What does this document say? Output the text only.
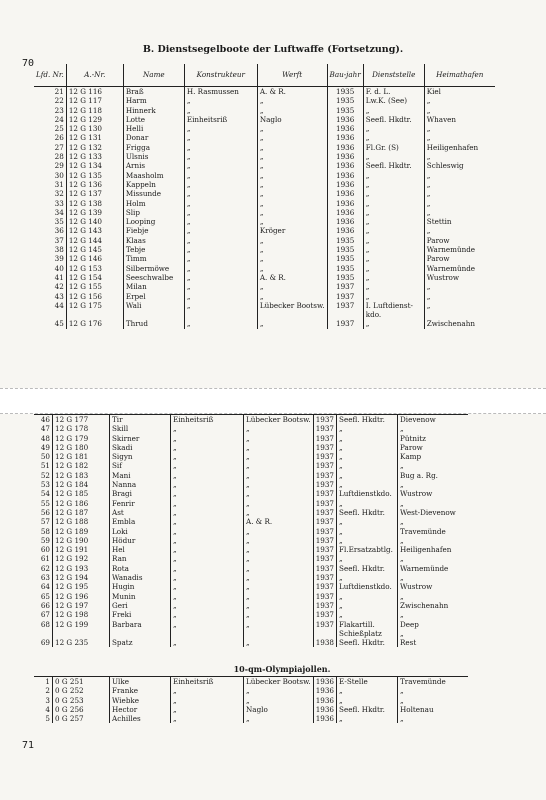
B. Dienstsegelboote der Luftwaffe (Fortsetzung).
70
71
Lfd. Nr.	A.-Nr.	Name	Konstrukteur	Werft	Bau-jahr	Dienststelle	Heimathafen
21	12 G 116	Braß	H. Rasmussen	A. & R.	1935	F. d. L.	Kiel
22	12 G 117	Harm	„	„	1935	Lw.K. (See)	„
23	12 G 118	Hinnerk	„	„	1935	„	„
24	12 G 129	Lotte	Einheitsriß	Naglo	1936	Seefl. Hkdtr.	Whaven
25	12 G 130	Helli	„	„	1936	„	„
26	12 G 131	Donar	„	„	1936	„	„
27	12 G 132	Frigga	„	„	1936	Fl.Gr. (S)	Heiligenhafen
28	12 G 133	Ulsnis	„	„	1936	„	„
29	12 G 134	Arnis	„	„	1936	Seefl. Hkdtr.	Schleswig
30	12 G 135	Maasholm	„	„	1936	„	„
31	12 G 136	Kappeln	„	„	1936	„	„
32	12 G 137	Missunde	„	„	1936	„	„
33	12 G 138	Holm	„	„	1936	„	„
34	12 G 139	Slip	„	„	1936	„	„
35	12 G 140	Looping	„	„	1936	„	Stettin
36	12 G 143	Fiebje	„	Kröger	1936	„	„
37	12 G 144	Klaas	„	„	1935	„	Parow
38	12 G 145	Tebje	„	„	1935	„	Warnemünde
39	12 G 146	Timm	„	„	1935	„	Parow
40	12 G 153	Silbermöwe	„	„	1935	„	Warnemünde
41	12 G 154	Seeschwalbe	„	A. & R.	1935	„	Wustrow
42	12 G 155	Milan	„	„	1937	„	„
43	12 G 156	Erpel	„	„	1937	„	„
44	12 G 175	Wali	„	Lübecker Bootsw.	1937	I. Luftdienst-	„
						kdo.	
45	12 G 176	Thrud	„	„	1937	„	Zwischenahn
46	12 G 177	Tir	Einheitsriß	Lübecker Bootsw.	1937	Seefl. Hkdtr.	Dievenow
47	12 G 178	Skill	„	„	1937	„	„
48	12 G 179	Skirner	„	„	1937	„	Pütnitz
49	12 G 180	Skadi	„	„	1937	„	Parow
50	12 G 181	Sigyn	„	„	1937	„	Kamp
51	12 G 182	Sif	„	„	1937	„	„
52	12 G 183	Mani	„	„	1937	„	Bug a. Rg.
53	12 G 184	Nanna	„	„	1937	„	„
54	12 G 185	Bragi	„	„	1937	Luftdienstkdo.	Wustrow
55	12 G 186	Fenrir	„	„	1937	„	„
56	12 G 187	Ast	„	„	1937	Seefl. Hkdtr.	West-Dievenow
57	12 G 188	Embla	„	A. & R.	1937	„	„
58	12 G 189	Loki	„	„	1937	„	Travemünde
59	12 G 190	Hödur	„	„	1937	„	„
60	12 G 191	Hel	„	„	1937	Fl.Ersatzabtlg.	Heiligenhafen
61	12 G 192	Ran	„	„	1937	„	„
62	12 G 193	Rota	„	„	1937	Seefl. Hkdtr.	Warnemünde
63	12 G 194	Wanadis	„	„	1937	„	„
64	12 G 195	Hugin	„	„	1937	Luftdienstkdo.	Wustrow
65	12 G 196	Munin	„	„	1937	„	„
66	12 G 197	Geri	„	„	1937	„	Zwischenahn
67	12 G 198	Freki	„	„	1937	„	„
68	12 G 199	Barbara	„	„	1937	Flakartill.	Deep
						Schießplatz	„
69	12 G 235	Spatz	„	„	1938	Seefl. Hkdtr.	Rest
10-qm-Olympiajollen.
1	0 G 251	Ulke	Einheitsriß	Lübecker Bootsw.	1936	E-Stelle	Travemünde
2	0 G 252	Franke	„	„	1936	„	„
3	0 G 253	Wiebke	„	„	1936	„	„
4	0 G 256	Hector	„	Naglo	1936	Seefl. Hkdtr.	Holtenau
5	0 G 257	Achilles	„	„	1936	„	„
